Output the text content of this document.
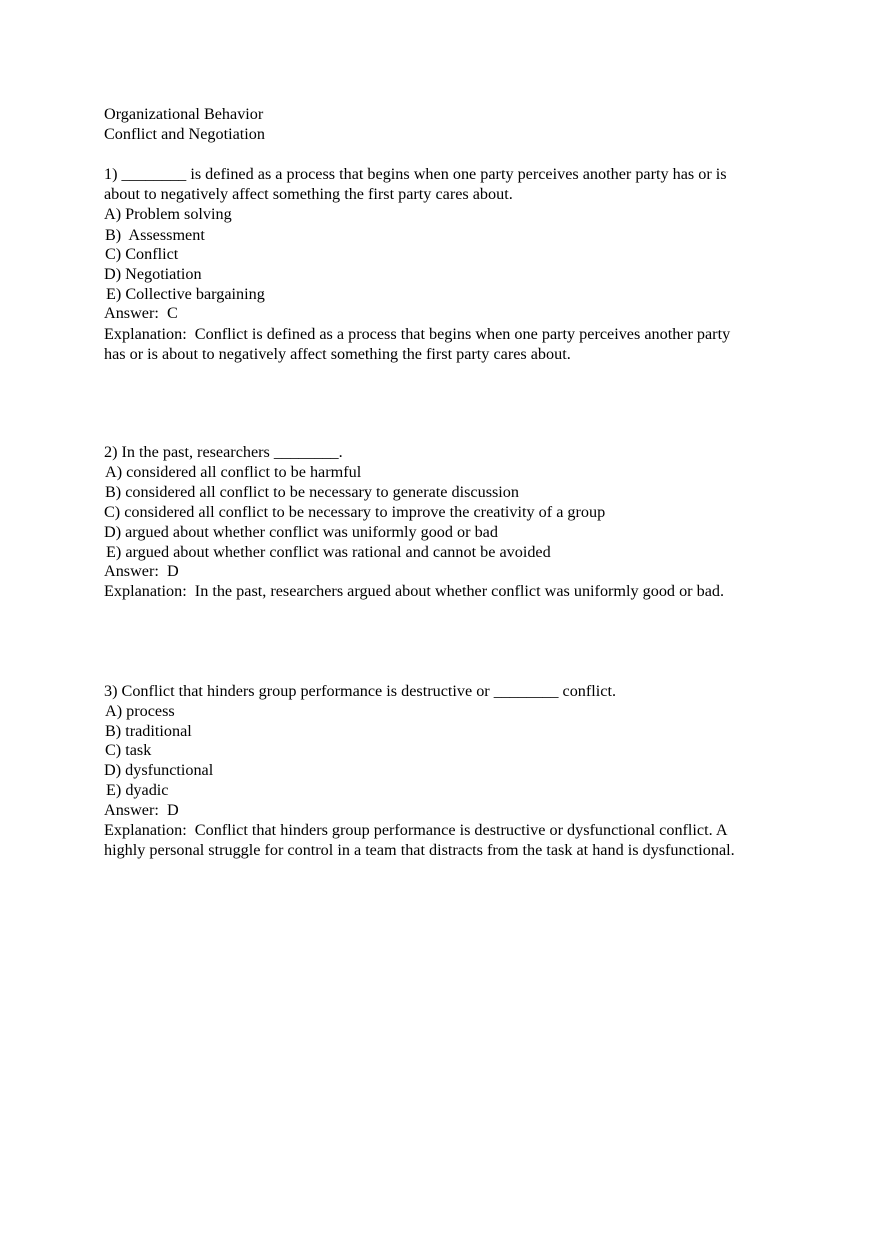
Organizational Behavior
Conflict and Negotiation
1) ________ is defined as a process that begins when one party perceives another party has or is
about to negatively affect something the first party cares about.
A) Problem solving
B)  Assessment
C) Conflict
D) Negotiation
E) Collective bargaining
Answer:  C
Explanation:  Conflict is defined as a process that begins when one party perceives another party
has or is about to negatively affect something the first party cares about.
2) In the past, researchers ________.
A) considered all conflict to be harmful
B) considered all conflict to be necessary to generate discussion
C) considered all conflict to be necessary to improve the creativity of a group
D) argued about whether conflict was uniformly good or bad
E) argued about whether conflict was rational and cannot be avoided
Answer:  D
Explanation:  In the past, researchers argued about whether conflict was uniformly good or bad.
3) Conflict that hinders group performance is destructive or ________ conflict.
A) process
B) traditional
C) task
D) dysfunctional
E) dyadic
Answer:  D
Explanation:  Conflict that hinders group performance is destructive or dysfunctional conflict. A
highly personal struggle for control in a team that distracts from the task at hand is dysfunctional.
